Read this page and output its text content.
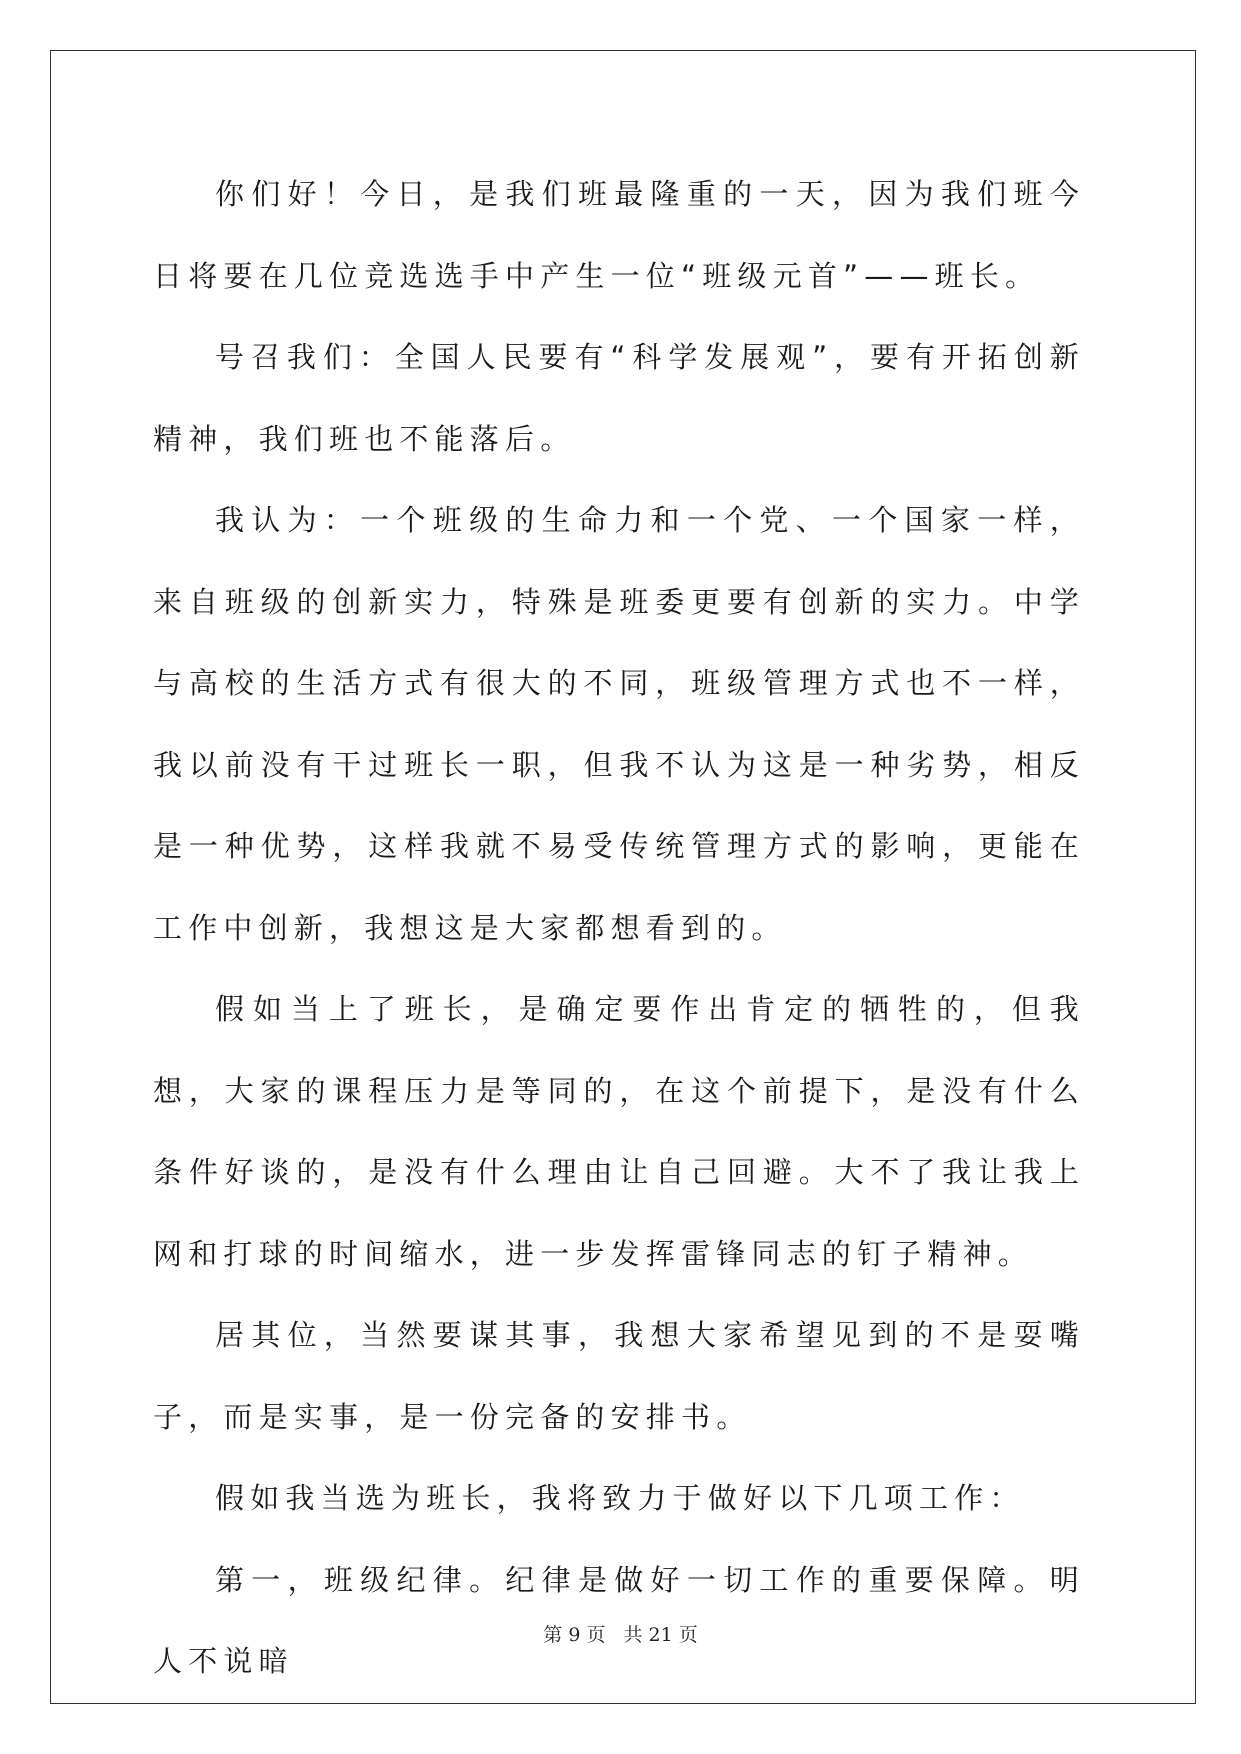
你们好！今日，是我们班最隆重的一天，因为我们班今日将要在几位竞选选手中产生一位“班级元首”——班长。

号召我们：全国人民要有“科学发展观”，要有开拓创新精神，我们班也不能落后。

我认为：一个班级的生命力和一个党、一个国家一样，来自班级的创新实力，特殊是班委更要有创新的实力。中学与高校的生活方式有很大的不同，班级管理方式也不一样，我以前没有干过班长一职，但我不认为这是一种劣势，相反是一种优势，这样我就不易受传统管理方式的影响，更能在工作中创新，我想这是大家都想看到的。

假如当上了班长，是确定要作出肯定的牺牲的，但我想，大家的课程压力是等同的，在这个前提下，是没有什么条件好谈的，是没有什么理由让自己回避。大不了我让我上网和打球的时间缩水，进一步发挥雷锋同志的钉子精神。

居其位，当然要谋其事，我想大家希望见到的不是耍嘴子，而是实事，是一份完备的安排书。

假如我当选为班长，我将致力于做好以下几项工作：

第一，班级纪律。纪律是做好一切工作的重要保障。明人不说暗

第 9 页 共 21 页
